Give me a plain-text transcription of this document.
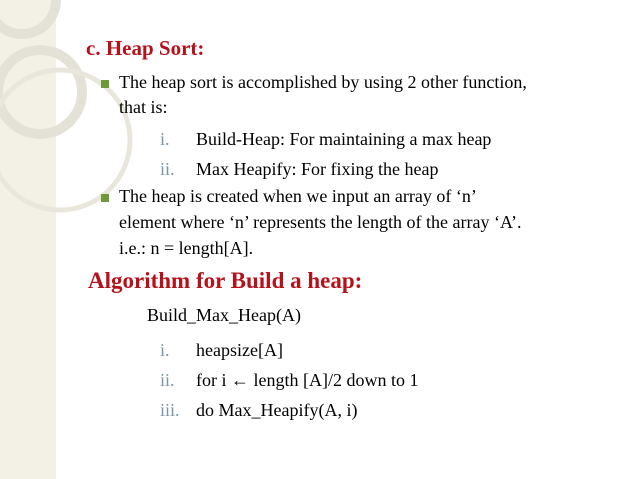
c. Heap Sort:
The heap sort is accomplished by using 2 other function,
that is:
i. Build-Heap: For maintaining a max heap
ii. Max Heapify: For fixing the heap
The heap is created when we input an array of ‘n’
element where ‘n’ represents the length of the array ‘A’.
i.e.: n = length[A].
Algorithm for Build a heap:
Build_Max_Heap(A)
i. heapsize[A]
ii. for i ← length [A]/2 down to 1
iii. do Max_Heapify(A, i)
